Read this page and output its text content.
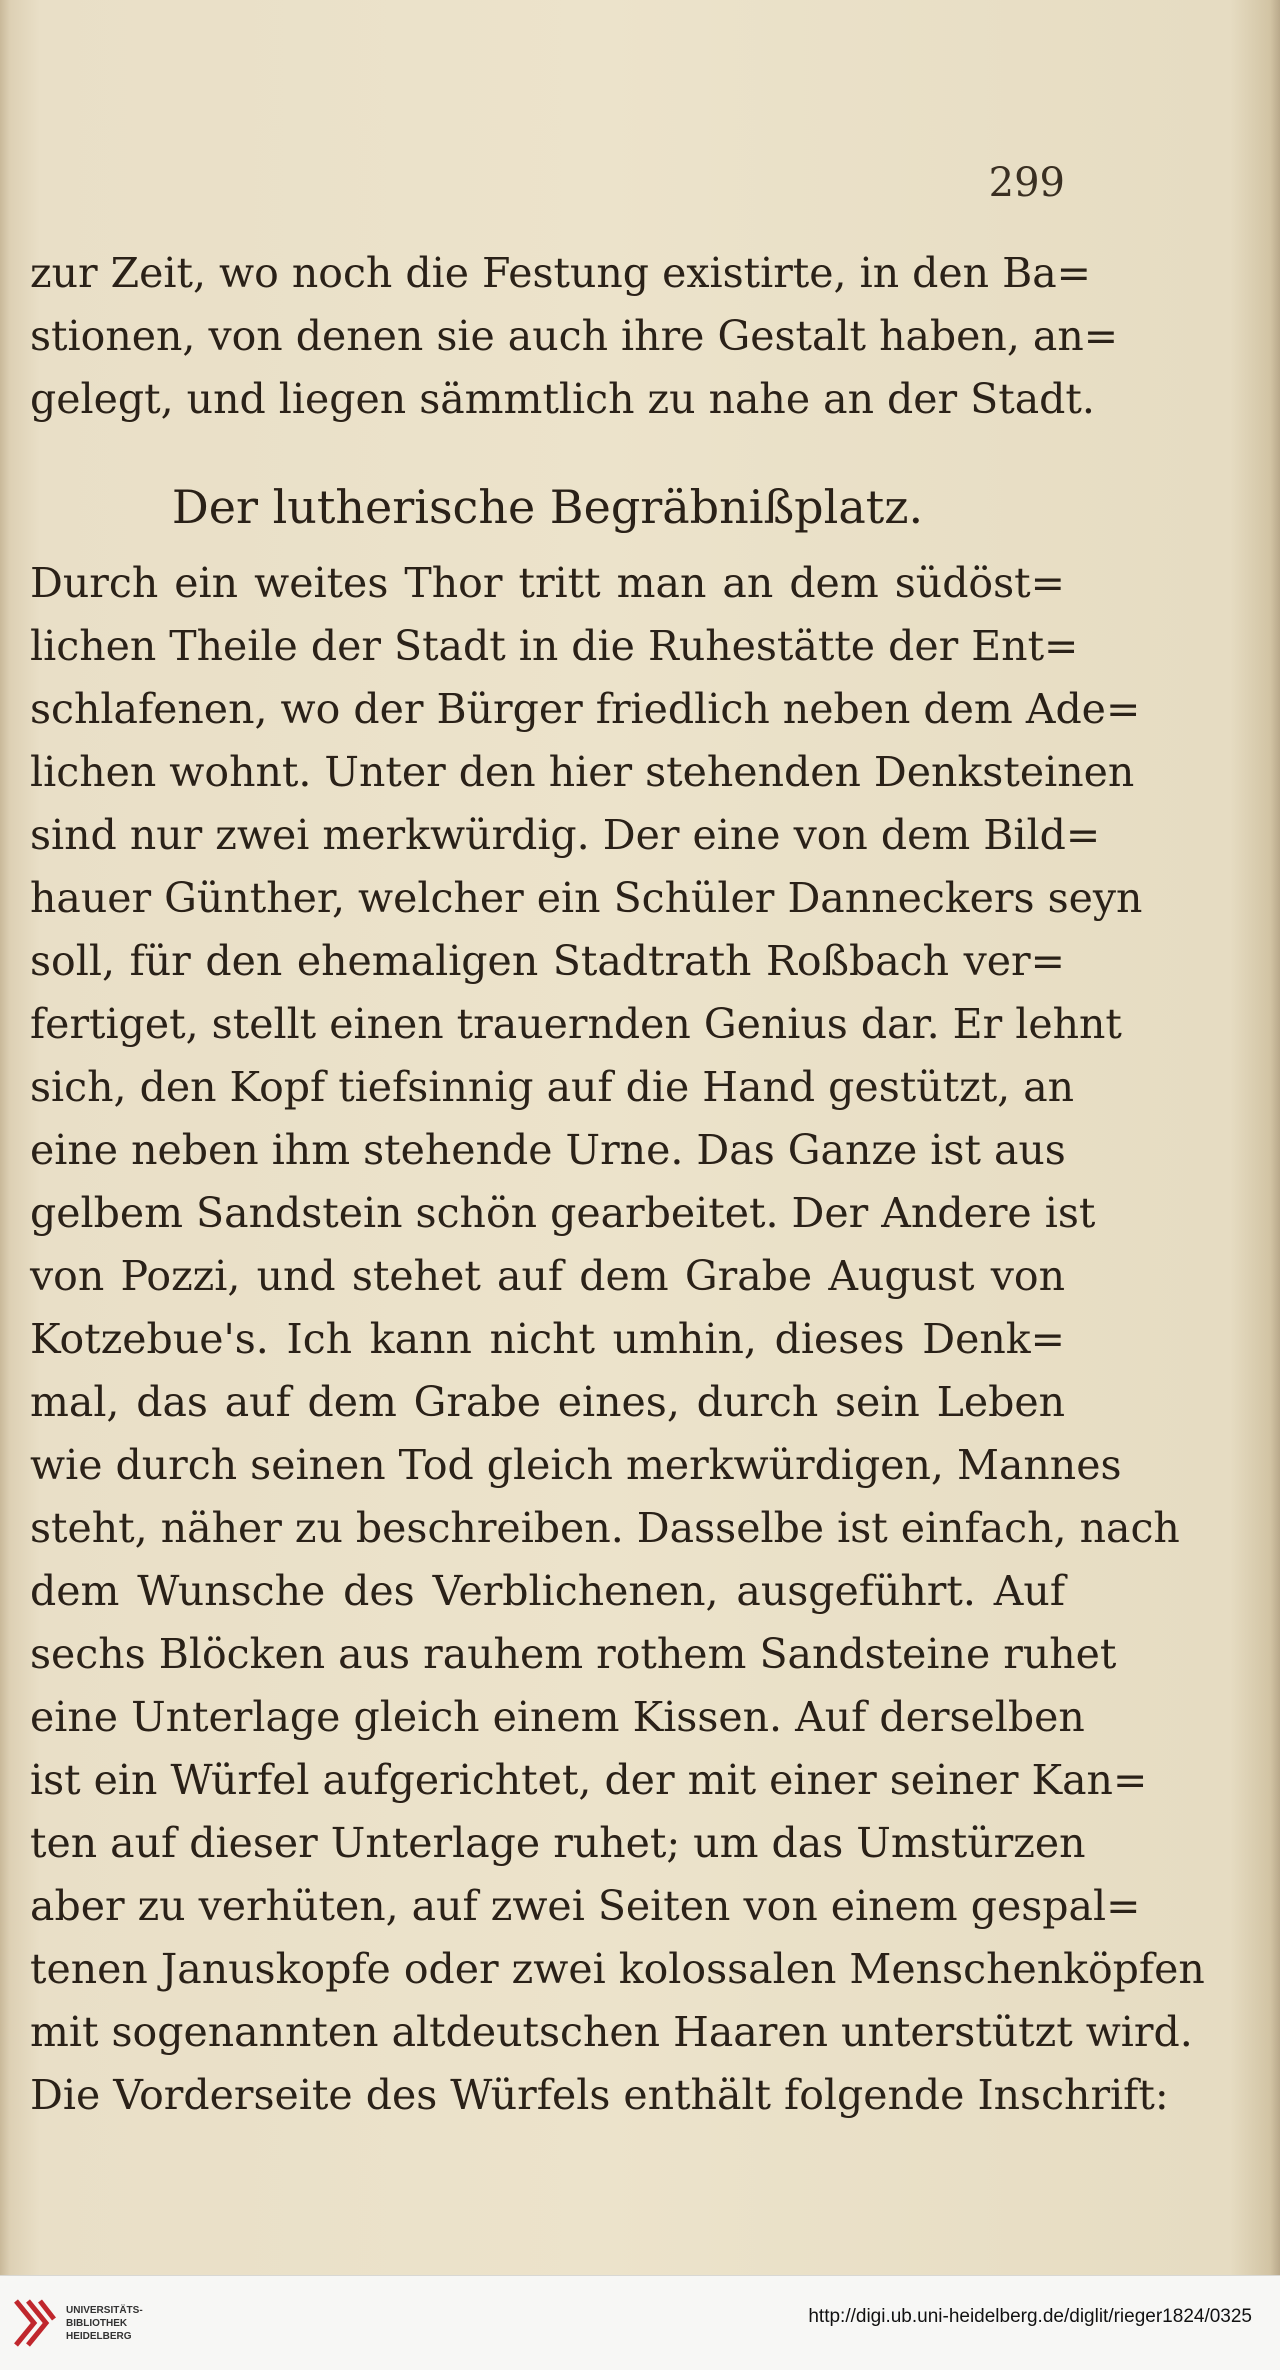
299
zur Zeit, wo noch die Festung existirte, in den Ba=
stionen, von denen sie auch ihre Gestalt haben, an=
gelegt, und liegen sämmtlich zu nahe an der Stadt.
Der lutherische Begräbnißplatz.
Durch ein weites Thor tritt man an dem südöst=
lichen Theile der Stadt in die Ruhestätte der Ent=
schlafenen, wo der Bürger friedlich neben dem Ade=
lichen wohnt. Unter den hier stehenden Denksteinen
sind nur zwei merkwürdig. Der eine von dem Bild=
hauer Günther, welcher ein Schüler Danneckers seyn
soll, für den ehemaligen Stadtrath Roßbach ver=
fertiget, stellt einen trauernden Genius dar. Er lehnt
sich, den Kopf tiefsinnig auf die Hand gestützt, an
eine neben ihm stehende Urne. Das Ganze ist aus
gelbem Sandstein schön gearbeitet. Der Andere ist
von Pozzi, und stehet auf dem Grabe August von
Kotzebue's. Ich kann nicht umhin, dieses Denk=
mal, das auf dem Grabe eines, durch sein Leben
wie durch seinen Tod gleich merkwürdigen, Mannes
steht, näher zu beschreiben. Dasselbe ist einfach, nach
dem Wunsche des Verblichenen, ausgeführt. Auf
sechs Blöcken aus rauhem rothem Sandsteine ruhet
eine Unterlage gleich einem Kissen. Auf derselben
ist ein Würfel aufgerichtet, der mit einer seiner Kan=
ten auf dieser Unterlage ruhet; um das Umstürzen
aber zu verhüten, auf zwei Seiten von einem gespal=
tenen Januskopfe oder zwei kolossalen Menschenköpfen
mit sogenannten altdeutschen Haaren unterstützt wird.
Die Vorderseite des Würfels enthält folgende Inschrift:
UNIVERSITÄTS-
BIBLIOTHEK
HEIDELBERG
http://digi.ub.uni-heidelberg.de/diglit/rieger1824/0325
